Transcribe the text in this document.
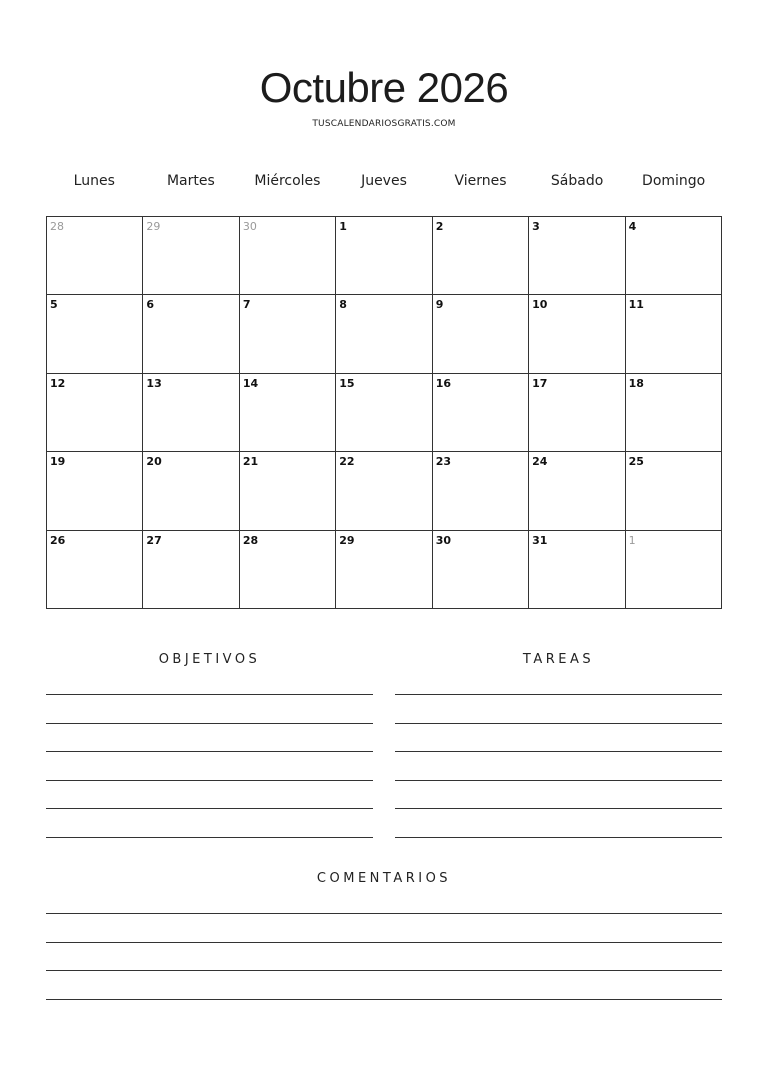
Octubre 2026
TUSCALENDARIOSGRATIS.COM
Lunes	Martes	Miércoles	Jueves	Viernes	Sábado	Domingo
28	29	30	1	2	3	4
5	6	7	8	9	10	11
12	13	14	15	16	17	18
19	20	21	22	23	24	25
26	27	28	29	30	31	1
OBJETIVOS	TAREAS
COMENTARIOS
